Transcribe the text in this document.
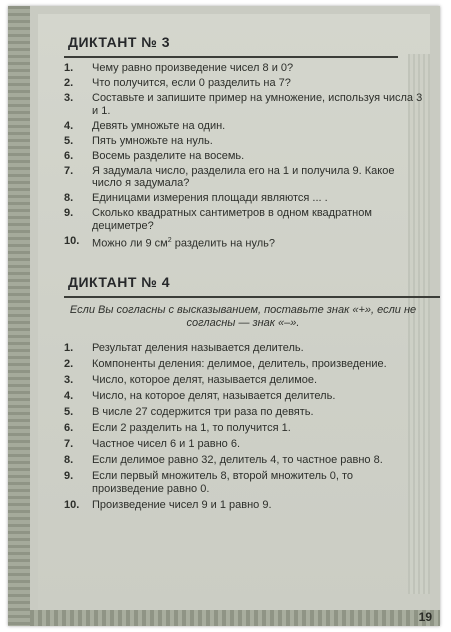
ДИКТАНТ № 3
1.	Чему равно произведение чисел 8 и 0?
2.	Что получится, если 0 разделить на 7?
3.	Составьте и запишите пример на умножение, используя числа 3 и 1.
4.	Девять умножьте на один.
5.	Пять умножьте на нуль.
6.	Восемь разделите на восемь.
7.	Я задумала число, разделила его на 1 и получила 9. Какое число я задумала?
8.	Единицами измерения площади являются ... .
9.	Сколько квадратных сантиметров в одном квадратном дециметре?
10.	Можно ли 9 $см^2$ разделить на нуль?
ДИКТАНТ № 4
Если Вы согласны с высказыванием, поставьте знак «+», если не согласны — знак «–».
1.	Результат деления называется делитель.
2.	Компоненты деления: делимое, делитель, произведение.
3.	Число, которое делят, называется делимое.
4.	Число, на которое делят, называется делитель.
5.	В числе 27 содержится три раза по девять.
6.	Если 2 разделить на 1, то получится 1.
7.	Частное чисел 6 и 1 равно 6.
8.	Если делимое равно 32, делитель 4, то частное равно 8.
9.	Если первый множитель 8, второй множитель 0, то произведение равно 0.
10.	Произведение чисел 9 и 1 равно 9.
19
